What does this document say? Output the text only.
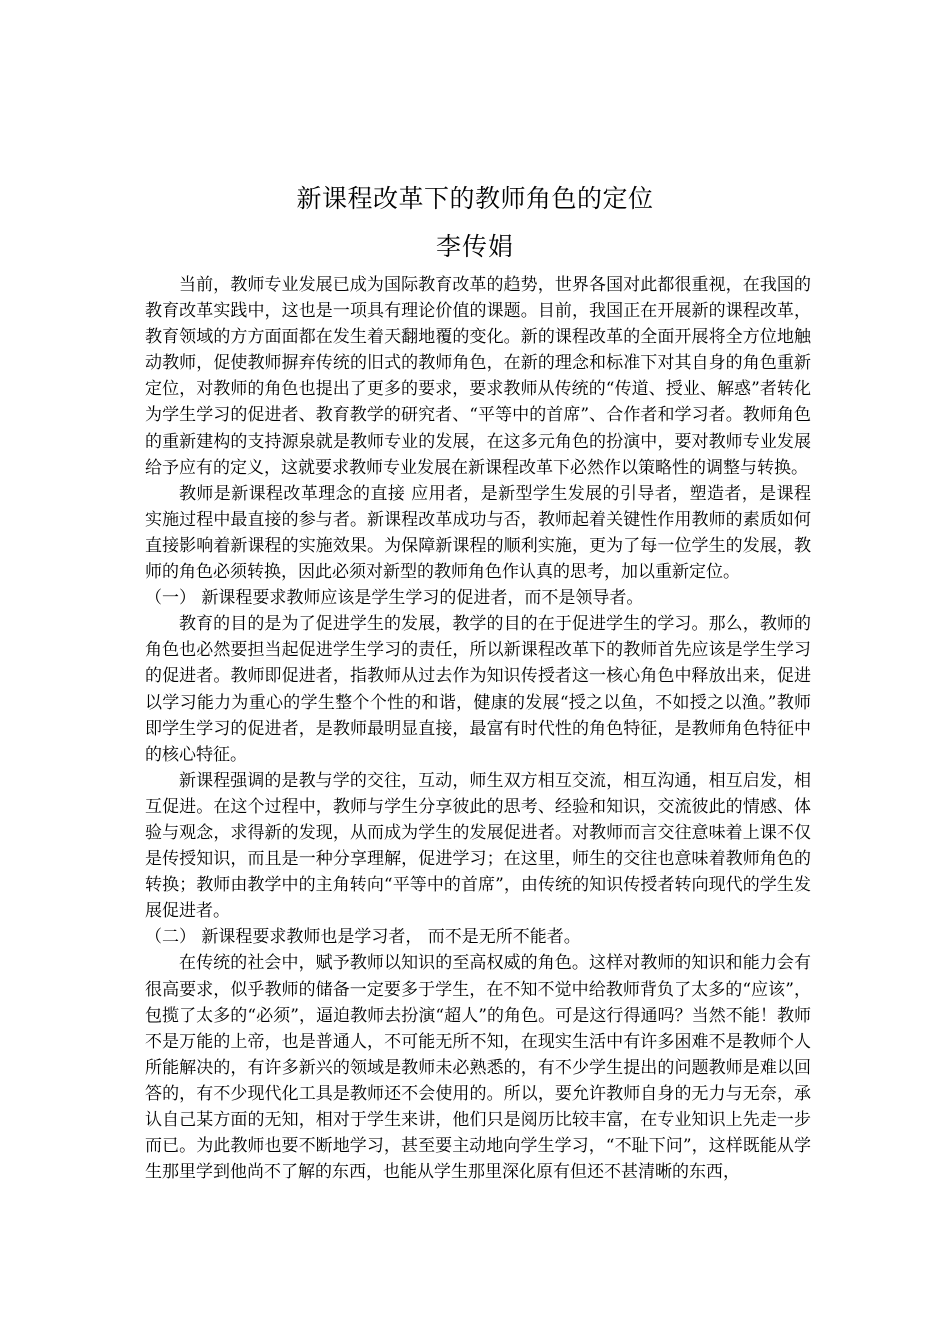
新课程改革下的教师角色的定位
李传娟

当前，教师专业发展已成为国际教育改革的趋势，世界各国对此都很重视，在我国的教育改革实践中，这也是一项具有理论价值的课题。目前，我国正在开展新的课程改革，教育领域的方方面面都在发生着天翻地覆的变化。新的课程改革的全面开展将全方位地触动教师，促使教师摒弃传统的旧式的教师角色，在新的理念和标准下对其自身的角色重新定位，对教师的角色也提出了更多的要求，要求教师从传统的“传道、授业、解惑”者转化为学生学习的促进者、教育教学的研究者、“平等中的首席”、合作者和学习者。教师角色的重新建构的支持源泉就是教师专业的发展，在这多元角色的扮演中，要对教师专业发展给予应有的定义，这就要求教师专业发展在新课程改革下必然作以策略性的调整与转换。

教师是新课程改革理念的直接 应用者，是新型学生发展的引导者，塑造者，是课程实施过程中最直接的参与者。新课程改革成功与否，教师起着关键性作用教师的素质如何直接影响着新课程的实施效果。为保障新课程的顺利实施，更为了每一位学生的发展，教师的角色必须转换，因此必须对新型的教师角色作认真的思考，加以重新定位。

（一） 新课程要求教师应该是学生学习的促进者，而不是领导者。

教育的目的是为了促进学生的发展，教学的目的在于促进学生的学习。那么，教师的角色也必然要担当起促进学生学习的责任，所以新课程改革下的教师首先应该是学生学习的促进者。教师即促进者，指教师从过去作为知识传授者这一核心角色中释放出来，促进以学习能力为重心的学生整个个性的和谐，健康的发展“授之以鱼，不如授之以渔。”教师即学生学习的促进者，是教师最明显直接，最富有时代性的角色特征，是教师角色特征中的核心特征。

新课程强调的是教与学的交往，互动，师生双方相互交流，相互沟通，相互启发，相互促进。在这个过程中，教师与学生分享彼此的思考、经验和知识，交流彼此的情感、体验与观念，求得新的发现，从而成为学生的发展促进者。对教师而言交往意味着上课不仅是传授知识，而且是一种分享理解，促进学习；在这里，师生的交往也意味着教师角色的转换；教师由教学中的主角转向“平等中的首席”，由传统的知识传授者转向现代的学生发展促进者。

（二） 新课程要求教师也是学习者， 而不是无所不能者。

在传统的社会中，赋予教师以知识的至高权威的角色。这样对教师的知识和能力会有很高要求，似乎教师的储备一定要多于学生，在不知不觉中给教师背负了太多的“应该”，包揽了太多的“必须”，逼迫教师去扮演“超人”的角色。可是这行得通吗？当然不能！教师不是万能的上帝，也是普通人，不可能无所不知，在现实生活中有许多困难不是教师个人所能解决的，有许多新兴的领域是教师未必熟悉的，有不少学生提出的问题教师是难以回答的，有不少现代化工具是教师还不会使用的。所以，要允许教师自身的无力与无奈，承认自己某方面的无知，相对于学生来讲，他们只是阅历比较丰富，在专业知识上先走一步而已。为此教师也要不断地学习，甚至要主动地向学生学习，“不耻下问”，这样既能从学生那里学到他尚不了解的东西，也能从学生那里深化原有但还不甚清晰的东西，
